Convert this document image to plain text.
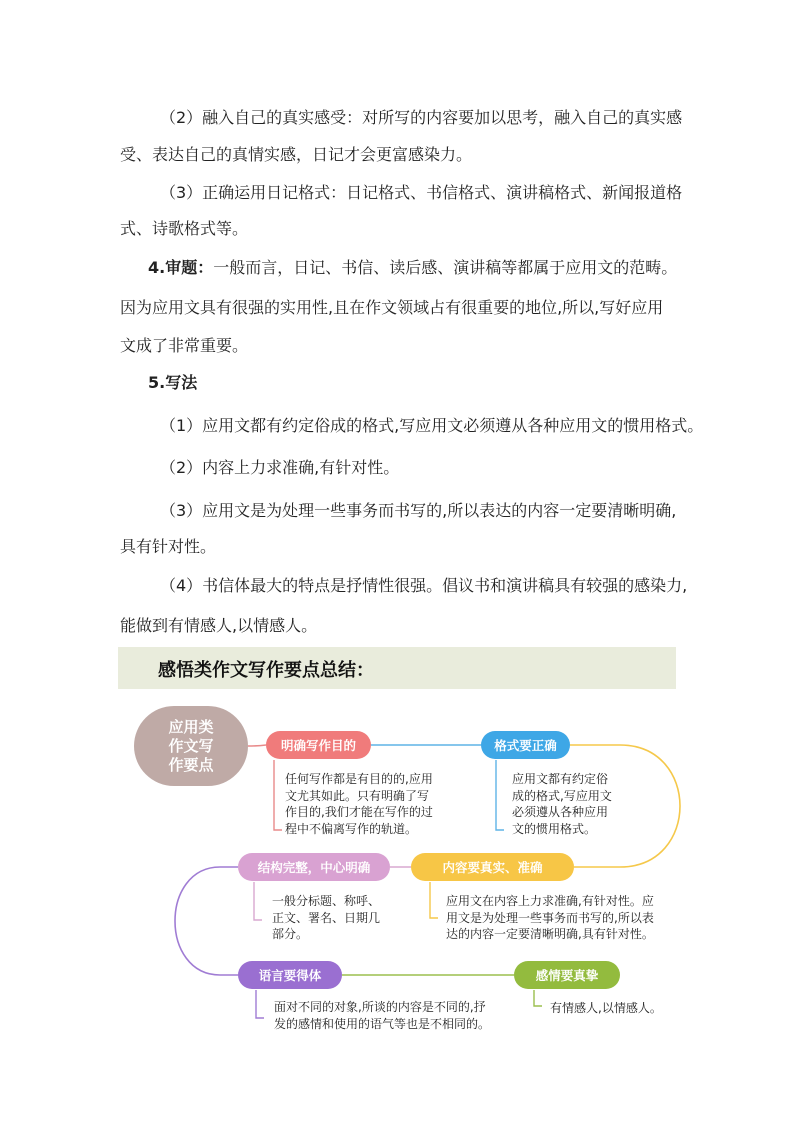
（2）融入自己的真实感受：对所写的内容要加以思考，融入自己的真实感
受、表达自己的真情实感，日记才会更富感染力。
（3）正确运用日记格式：日记格式、书信格式、演讲稿格式、新闻报道格
式、诗歌格式等。
4.审题：一般而言，日记、书信、读后感、演讲稿等都属于应用文的范畴。
因为应用文具有很强的实用性,且在作文领域占有很重要的地位,所以,写好应用
文成了非常重要。
5.写法
（1）应用文都有约定俗成的格式,写应用文必须遵从各种应用文的惯用格式。
（2）内容上力求准确,有针对性。
（3）应用文是为处理一些事务而书写的,所以表达的内容一定要清晰明确,
具有针对性。
（4）书信体最大的特点是抒情性很强。倡议书和演讲稿具有较强的感染力,
能做到有情感人,以情感人。
感悟类作文写作要点总结：
应用类
作文写
作要点
明确写作目的
任何写作都是有目的的,应用
文尤其如此。只有明确了写
作目的,我们才能在写作的过
程中不偏离写作的轨道。
格式要正确
应用文都有约定俗
成的格式,写应用文
必须遵从各种应用
文的惯用格式。
内容要真实、准确
应用文在内容上力求准确,有针对性。应
用文是为处理一些事务而书写的,所以表
达的内容一定要清晰明确,具有针对性。
结构完整，中心明确
一般分标题、称呼、
正文、署名、日期几
部分。
语言要得体
面对不同的对象,所谈的内容是不同的,抒
发的感情和使用的语气等也是不相同的。
感情要真挚
有情感人,以情感人。
